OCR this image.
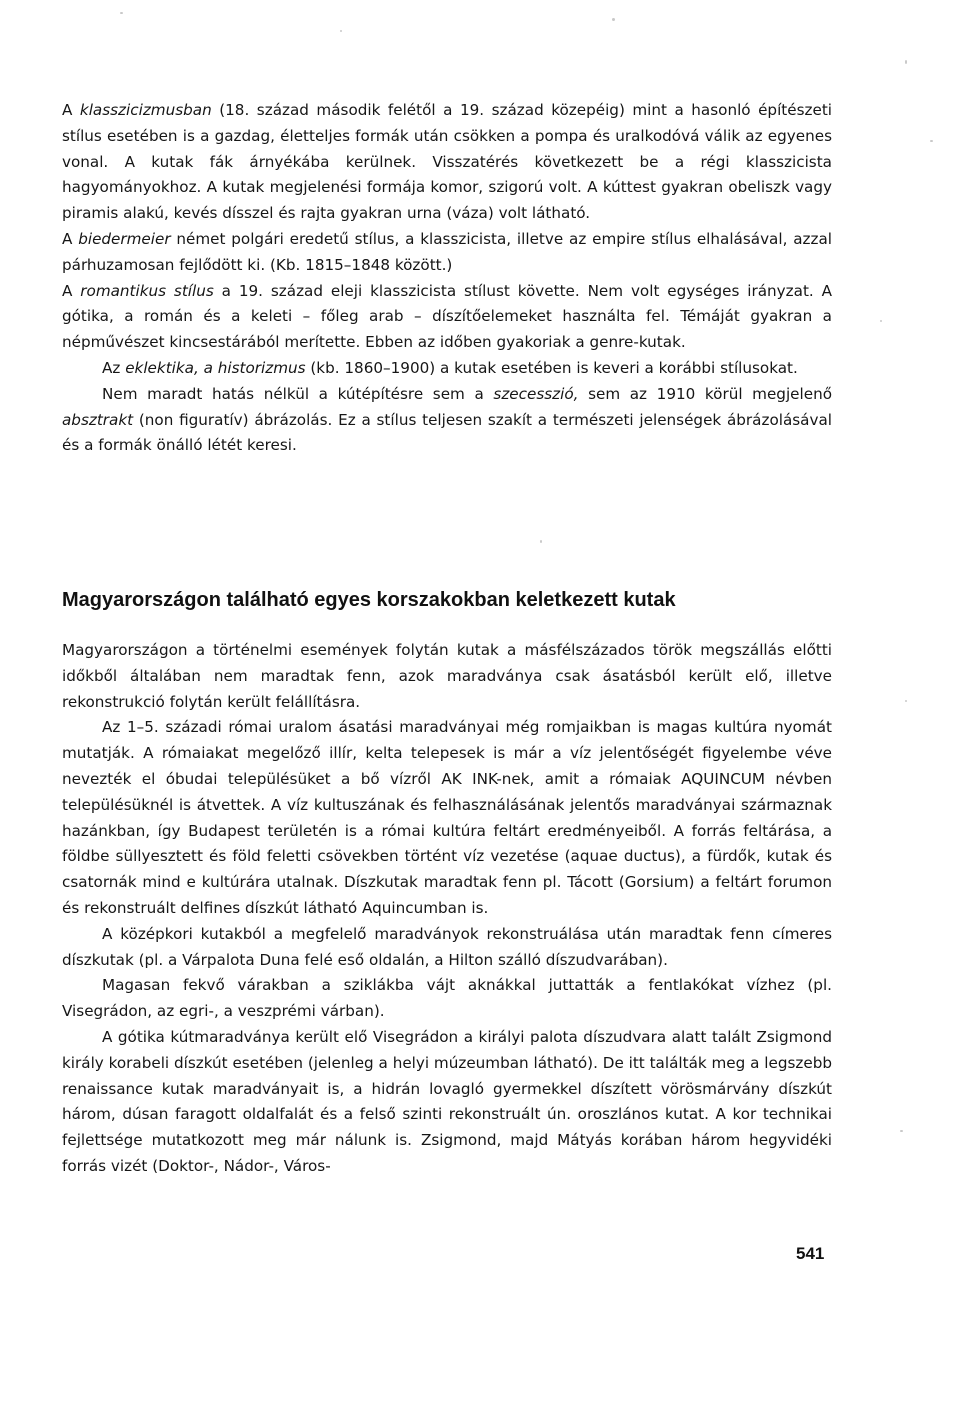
A klasszicizmusban (18. század második felétől a 19. század közepéig) mint a hasonló építészeti stílus esetében is a gazdag, életteljes formák után csökken a pompa és uralkodóvá válik az egyenes vonal. A kutak fák árnyékába kerülnek. Visszatérés következett be a régi klasszicista hagyományokhoz. A kutak megjelenési formája komor, szigorú volt. A kúttest gyakran obeliszk vagy piramis alakú, kevés dísszel és rajta gyakran urna (váza) volt látható.

A biedermeier német polgári eredetű stílus, a klasszicista, illetve az empire stílus elhalásával, azzal párhuzamosan fejlődött ki. (Kb. 1815–1848 között.)

A romantikus stílus a 19. század eleji klasszicista stílust követte. Nem volt egységes irányzat. A gótika, a román és a keleti – főleg arab – díszítőelemeket használta fel. Témáját gyakran a népművészet kincsestárából merítette. Ebben az időben gyakoriak a genre-kutak.

Az eklektika, a historizmus (kb. 1860–1900) a kutak esetében is keveri a korábbi stílusokat.

Nem maradt hatás nélkül a kútépítésre sem a szecesszió, sem az 1910 körül megjelenő absztrakt (non figuratív) ábrázolás. Ez a stílus teljesen szakít a természeti jelenségek ábrázolásával és a formák önálló létét keresi.

Magyarországon található egyes korszakokban keletkezett kutak

Magyarországon a történelmi események folytán kutak a másfélszázados török megszállás előtti időkből általában nem maradtak fenn, azok maradványa csak ásatásból került elő, illetve rekonstrukció folytán került felállításra.

Az 1–5. századi római uralom ásatási maradványai még romjaikban is magas kultúra nyomát mutatják. A rómaiakat megelőző illír, kelta telepesek is már a víz jelentőségét figyelembe véve nevezték el óbudai településüket a bő vízről AK INK-nek, amit a rómaiak AQUINCUM névben településüknél is átvettek. A víz kultuszának és felhasználásának jelentős maradványai származnak hazánkban, így Budapest területén is a római kultúra feltárt eredményeiből. A forrás feltárása, a földbe süllyesztett és föld feletti csövekben történt víz vezetése (aquae ductus), a fürdők, kutak és csatornák mind e kultúrára utalnak. Díszkutak maradtak fenn pl. Tácott (Gorsium) a feltárt forumon és rekonstruált delfines díszkút látható Aquincumban is.

A középkori kutakból a megfelelő maradványok rekonstruálása után maradtak fenn címeres díszkutak (pl. a Várpalota Duna felé eső oldalán, a Hilton szálló díszudvarában).

Magasan fekvő várakban a sziklákba vájt aknákkal juttatták a fentlakókat vízhez (pl. Visegrádon, az egri-, a veszprémi várban).

A gótika kútmaradványa került elő Visegrádon a királyi palota díszudvara alatt talált Zsigmond király korabeli díszkút esetében (jelenleg a helyi múzeumban látható). De itt találták meg a legszebb renaissance kutak maradványait is, a hidrán lovagló gyermekkel díszített vörösmárvány díszkút három, dúsan faragott oldalfalát és a felső szinti rekonstruált ún. oroszlános kutat. A kor technikai fejlettsége mutatkozott meg már nálunk is. Zsigmond, majd Mátyás korában három hegyvidéki forrás vizét (Doktor-, Nádor-, Város-

541
